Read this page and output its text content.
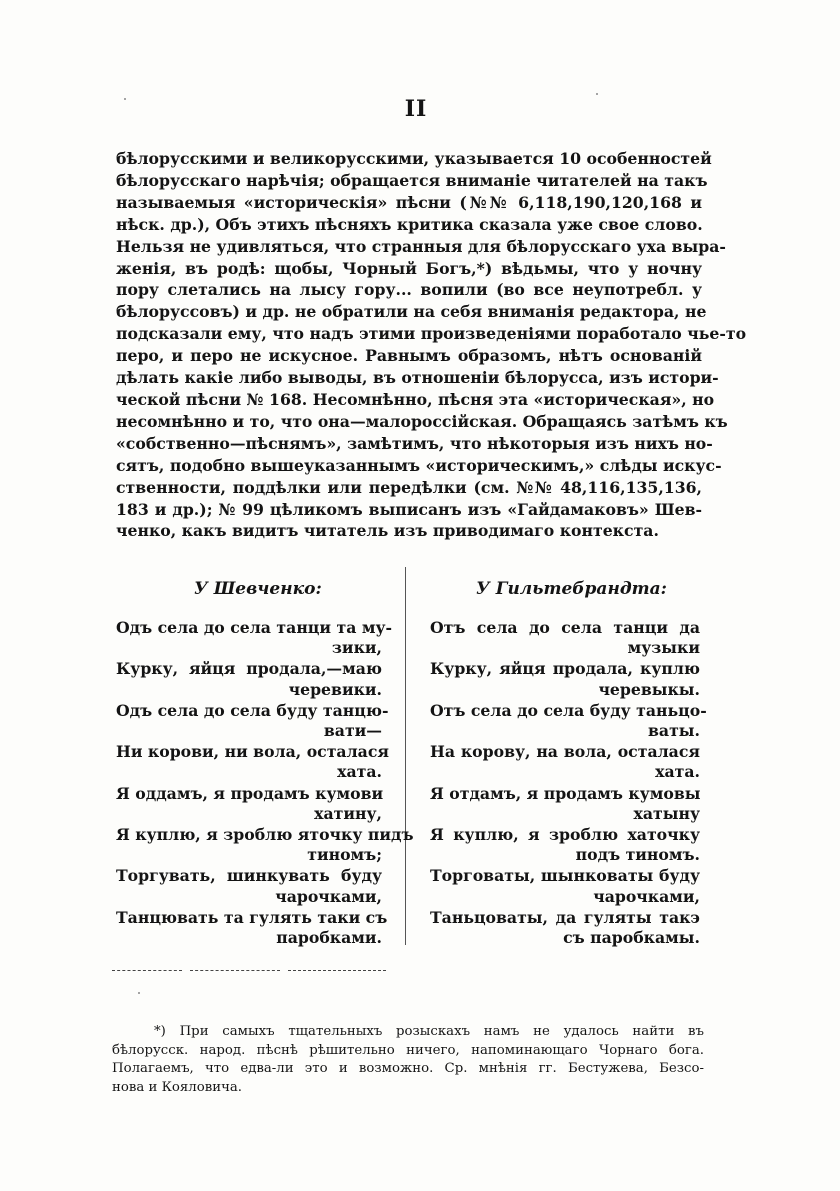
II
бѣлорусскими и великорусскими, указывается 10 особенностей
бѣлорусскаго нарѣчія; обращается вниманіе читателей на такъ
называемыя «историческія» пѣсни (№№ 6,118,190,120,168 и
нѣск. др.), Объ этихъ пѣсняхъ критика сказала уже свое слово.
Нельзя не удивляться, что странныя для бѣлорусскаго уха выра-
женія, въ родѣ: щобы, Чорный Богъ,*) вѣдьмы, что у ночну
пору слетались на лысу гору... вопили (во все неупотребл. у
бѣлоруссовъ) и др. не обратили на себя вниманія редактора, не
подсказали ему, что надъ этими произведеніями поработало чье-то
перо, и перо не искусное. Равнымъ образомъ, нѣтъ основаній
дѣлать какіе либо выводы, въ отношеніи бѣлорусса, изъ истори-
ческой пѣсни № 168. Несомнѣнно, пѣсня эта «историческая», но
несомнѣнно и то, что она—малороссійская. Обращаясь затѣмъ къ
«собственно—пѣснямъ», замѣтимъ, что нѣкоторыя изъ нихъ но-
сятъ, подобно вышеуказаннымъ «историческимъ,» слѣды искус-
ственности, поддѣлки или передѣлки (см. №№ 48,116,135,136,
183 и др.); № 99 цѣликомъ выписанъ изъ «Гайдамаковъ» Шев-
ченко, какъ видитъ читатель изъ приводимаго контекста.
У Шевченко:	У Гильтебрандта:
Одъ села до села танци та му-
зики,
Курку, яйця продала,—маю
черевики.
Одъ села до села буду танцю-
вати—
Ни корови, ни вола, осталася
хата.
Я оддамъ, я продамъ кумови
хатину,
Я куплю, я зроблю яточку пидъ
тиномъ;
Торгувать, шинкувать буду
чарочками,
Танцювать та гулять таки съ
паробками.
Отъ села до села танци да
музыки
Курку, яйця продала, куплю
черевыкы.
Отъ села до села буду таньцо-
ваты.
На корову, на вола, осталася
хата.
Я отдамъ, я продамъ кумовы
хатыну
Я куплю, я зроблю хаточку
подъ тиномъ.
Торговаты, шынковаты буду
чарочками,
Таньцоваты, да гуляты такэ
съ паробкамы.
*) При самыхъ тщательныхъ розыскахъ намъ не удалось найти въ
бѣлорусск. народ. пѣснѣ рѣшительно ничего, напоминающаго Чорнаго бога.
Полагаемъ, что едва-ли это и возможно. Ср. мнѣнія гг. Бестужева, Безсо-
нова и Кояловича.
